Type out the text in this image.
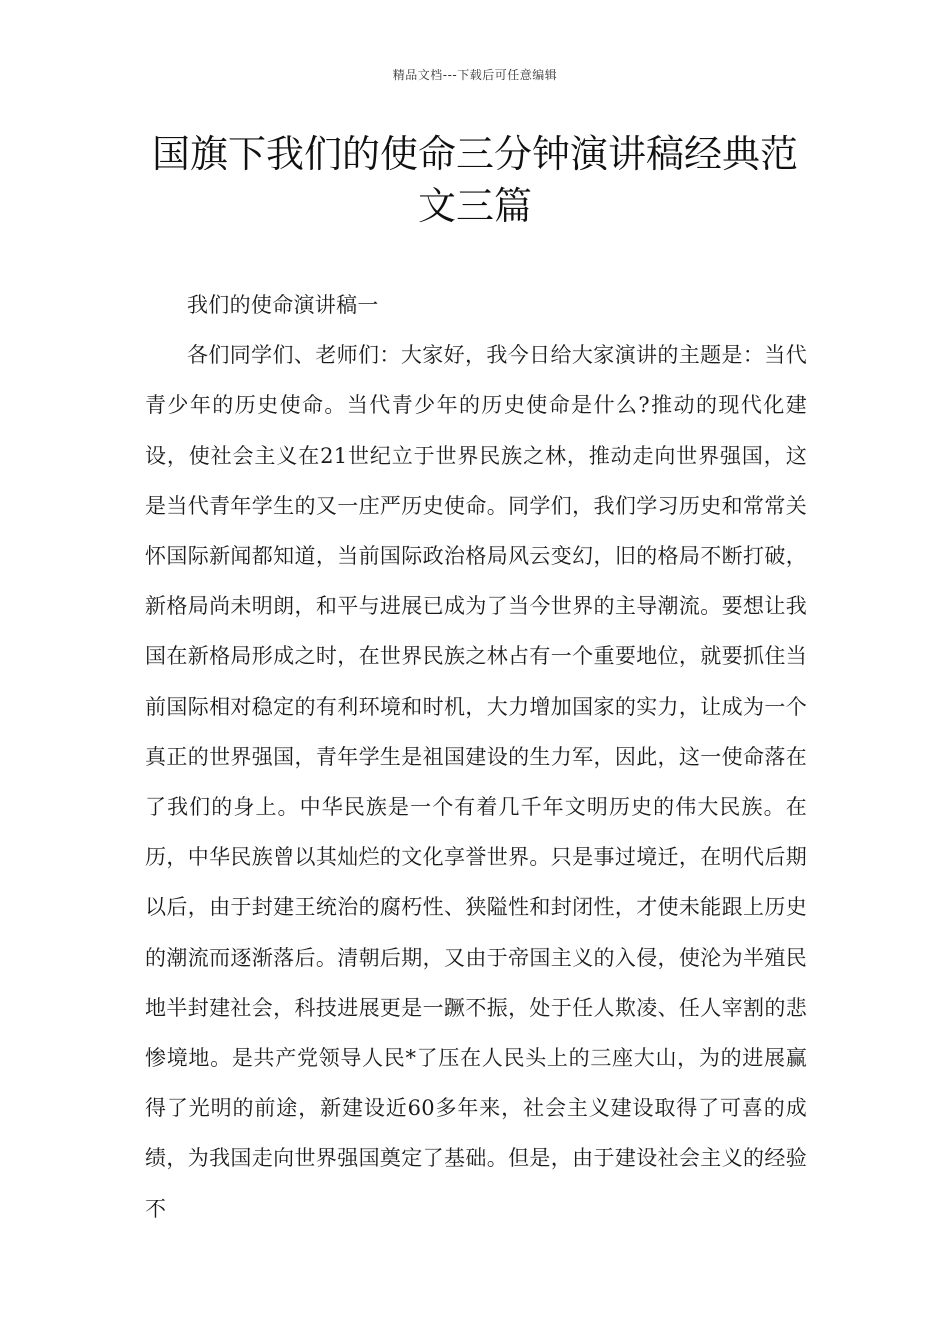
精品文档---下载后可任意编辑
国旗下我们的使命三分钟演讲稿经典范文三篇

我们的使命演讲稿一

各们同学们、老师们：大家好，我今日给大家演讲的主题是：当代青少年的历史使命。当代青少年的历史使命是什么?推动的现代化建设，使社会主义在21世纪立于世界民族之林，推动走向世界强国，这是当代青年学生的又一庄严历史使命。同学们，我们学习历史和常常关怀国际新闻都知道，当前国际政治格局风云变幻，旧的格局不断打破，新格局尚未明朗，和平与进展已成为了当今世界的主导潮流。要想让我国在新格局形成之时，在世界民族之林占有一个重要地位，就要抓住当前国际相对稳定的有利环境和时机，大力增加国家的实力，让成为一个真正的世界强国，青年学生是祖国建设的生力军，因此，这一使命落在了我们的身上。中华民族是一个有着几千年文明历史的伟大民族。在历，中华民族曾以其灿烂的文化享誉世界。只是事过境迁，在明代后期以后，由于封建王统治的腐朽性、狭隘性和封闭性，才使未能跟上历史的潮流而逐渐落后。清朝后期，又由于帝国主义的入侵，使沦为半殖民地半封建社会，科技进展更是一蹶不振，处于任人欺凌、任人宰割的悲惨境地。是共产党领导人民*了压在人民头上的三座大山，为的进展赢得了光明的前途，新建设近60多年来，社会主义建设取得了可喜的成绩，为我国走向世界强国奠定了基础。但是，由于建设社会主义的经验不
